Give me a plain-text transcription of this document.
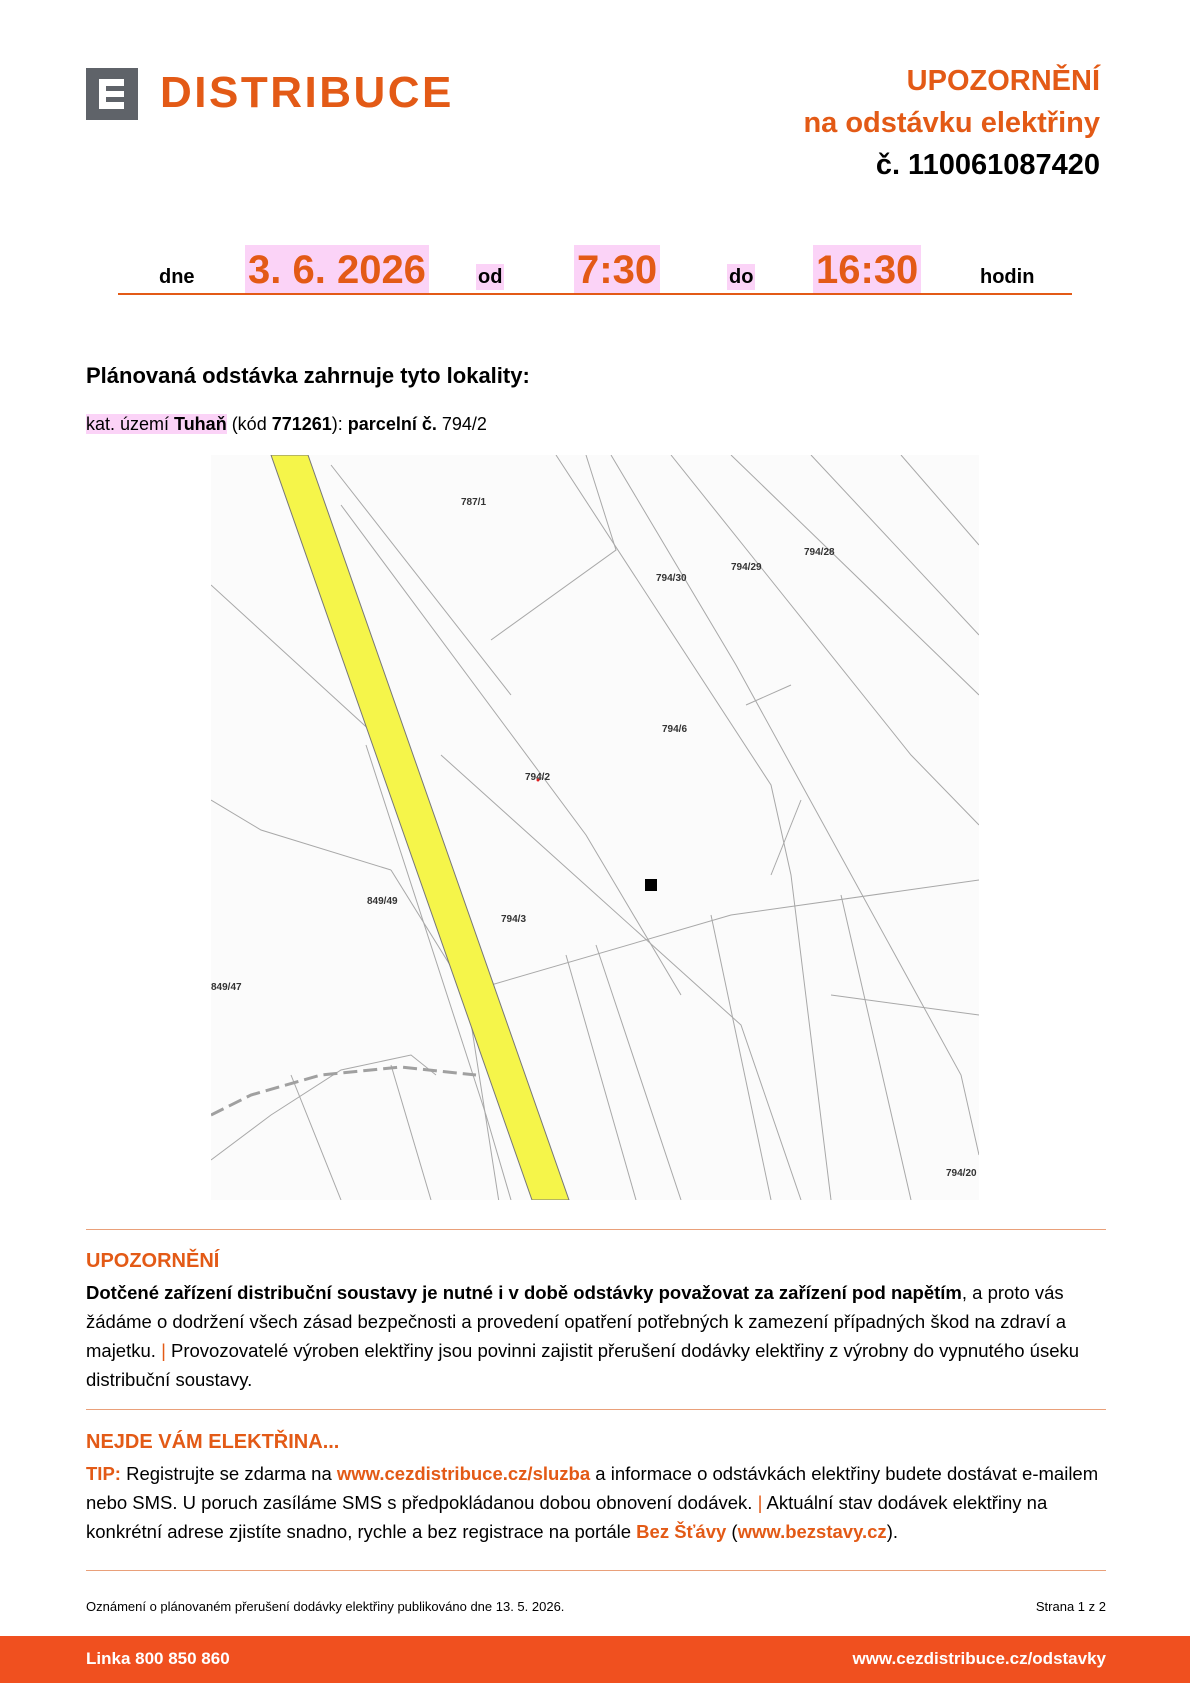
DISTRIBUCE	UPOZORNĚNÍ
na odstávku elektřiny
č. 110061087420
dne 3. 6. 2026	od 7:30	do 16:30	hodin
Plánovaná odstávka zahrnuje tyto lokality:
kat. území Tuhaň (kód 771261): parcelní č. 794/2
787/1
794/30
794/29
794/28
794/6
794/2
849/49
794/3
849/47
794/20
UPOZORNĚNÍ
Dotčené zařízení distribuční soustavy je nutné i v době odstávky považovat za zařízení pod napětím, a proto vás žádáme o dodržení všech zásad bezpečnosti a provedení opatření potřebných k zamezení případných škod na zdraví a majetku. | Provozovatelé výroben elektřiny jsou povinni zajistit přerušení dodávky elektřiny z výrobny do vypnutého úseku distribuční soustavy.
NEJDE VÁM ELEKTŘINA...
TIP: Registrujte se zdarma na www.cezdistribuce.cz/sluzba a informace o odstávkách elektřiny budete dostávat e-mailem nebo SMS. U poruch zasíláme SMS s předpokládanou dobou obnovení dodávek. | Aktuální stav dodávek elektřiny na konkrétní adrese zjistíte snadno, rychle a bez registrace na portále Bez Šťávy (www.bezstavy.cz).
Oznámení o plánovaném přerušení dodávky elektřiny publikováno dne 13. 5. 2026.	Strana 1 z 2
Linka 800 850 860	www.cezdistribuce.cz/odstavky
